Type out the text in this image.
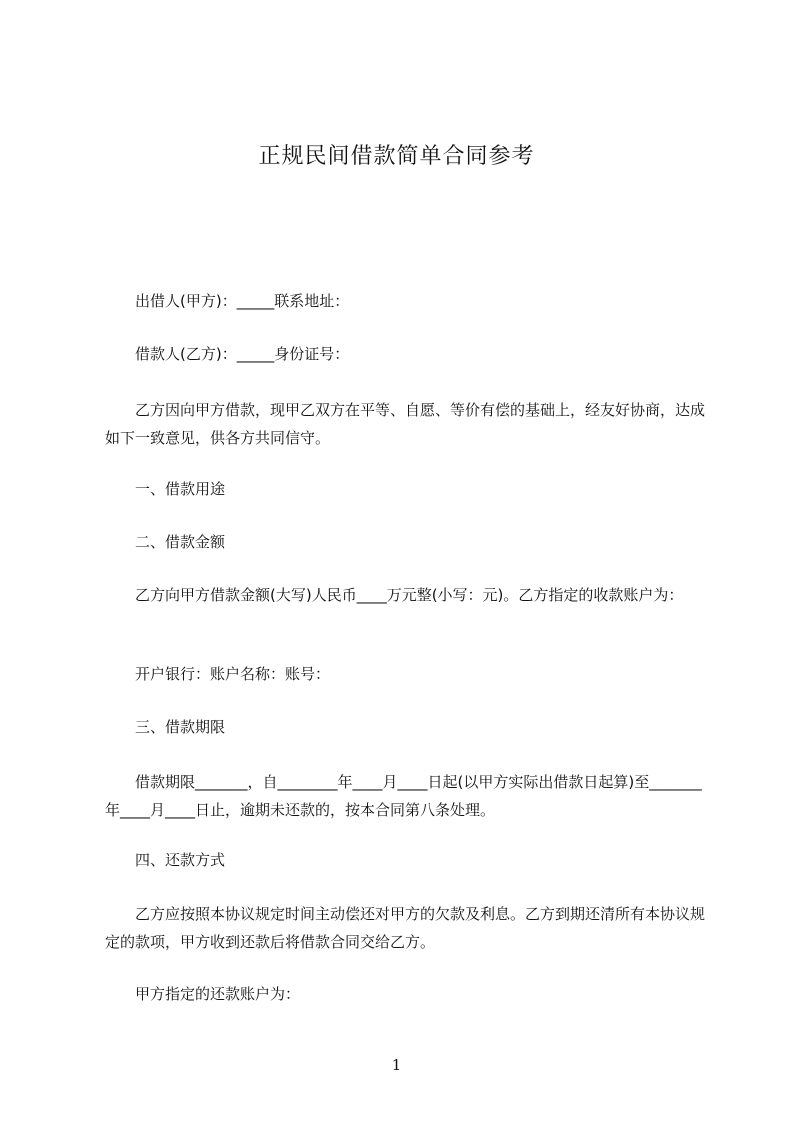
正规民间借款简单合同参考
　　出借人(甲方)：_____联系地址：
　　借款人(乙方)：_____身份证号：
　　乙方因向甲方借款，现甲乙双方在平等、自愿、等价有偿的基础上，经友好协商，达成如下一致意见，供各方共同信守。
　　一、借款用途
　　二、借款金额
　　乙方向甲方借款金额(大写)人民币____万元整(小写：元)。乙方指定的收款账户为：
　　开户银行：账户名称：账号：
　　三、借款期限
　　借款期限_______，自________年____月____日起(以甲方实际出借款日起算)至_______年____月____日止，逾期未还款的，按本合同第八条处理。
　　四、还款方式
　　乙方应按照本协议规定时间主动偿还对甲方的欠款及利息。乙方到期还清所有本协议规定的款项，甲方收到还款后将借款合同交给乙方。
　　甲方指定的还款账户为：
1
